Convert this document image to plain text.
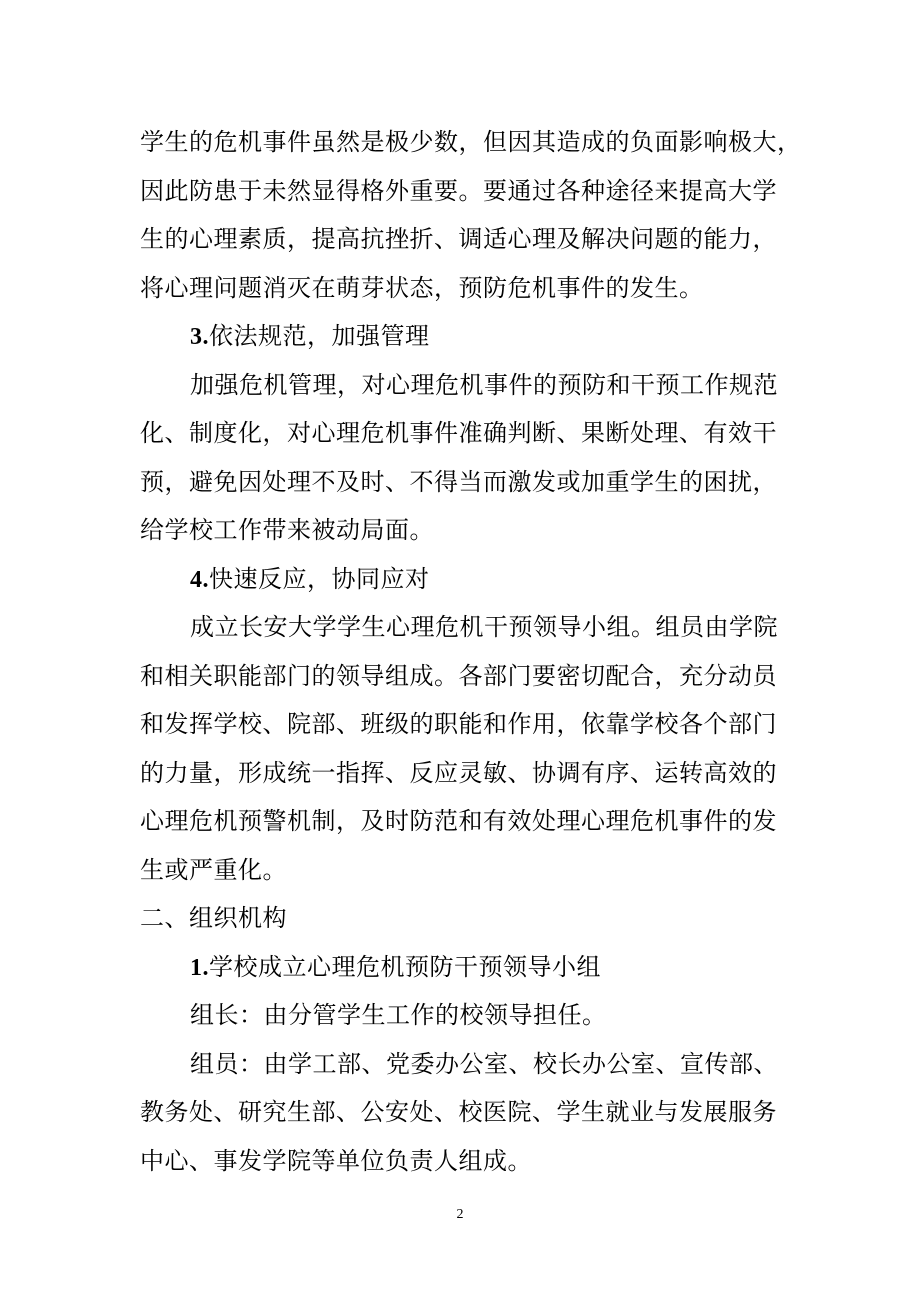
学生的危机事件虽然是极少数，但因其造成的负面影响极大，
因此防患于未然显得格外重要。要通过各种途径来提高大学
生的心理素质，提高抗挫折、调适心理及解决问题的能力，
将心理问题消灭在萌芽状态，预防危机事件的发生。
3.依法规范，加强管理
加强危机管理，对心理危机事件的预防和干预工作规范
化、制度化，对心理危机事件准确判断、果断处理、有效干
预，避免因处理不及时、不得当而激发或加重学生的困扰，
给学校工作带来被动局面。
4.快速反应，协同应对
成立长安大学学生心理危机干预领导小组。组员由学院
和相关职能部门的领导组成。各部门要密切配合，充分动员
和发挥学校、院部、班级的职能和作用，依靠学校各个部门
的力量，形成统一指挥、反应灵敏、协调有序、运转高效的
心理危机预警机制，及时防范和有效处理心理危机事件的发
生或严重化。
二、组织机构
1.学校成立心理危机预防干预领导小组
组长：由分管学生工作的校领导担任。
组员：由学工部、党委办公室、校长办公室、宣传部、
教务处、研究生部、公安处、校医院、学生就业与发展服务
中心、事发学院等单位负责人组成。
2
